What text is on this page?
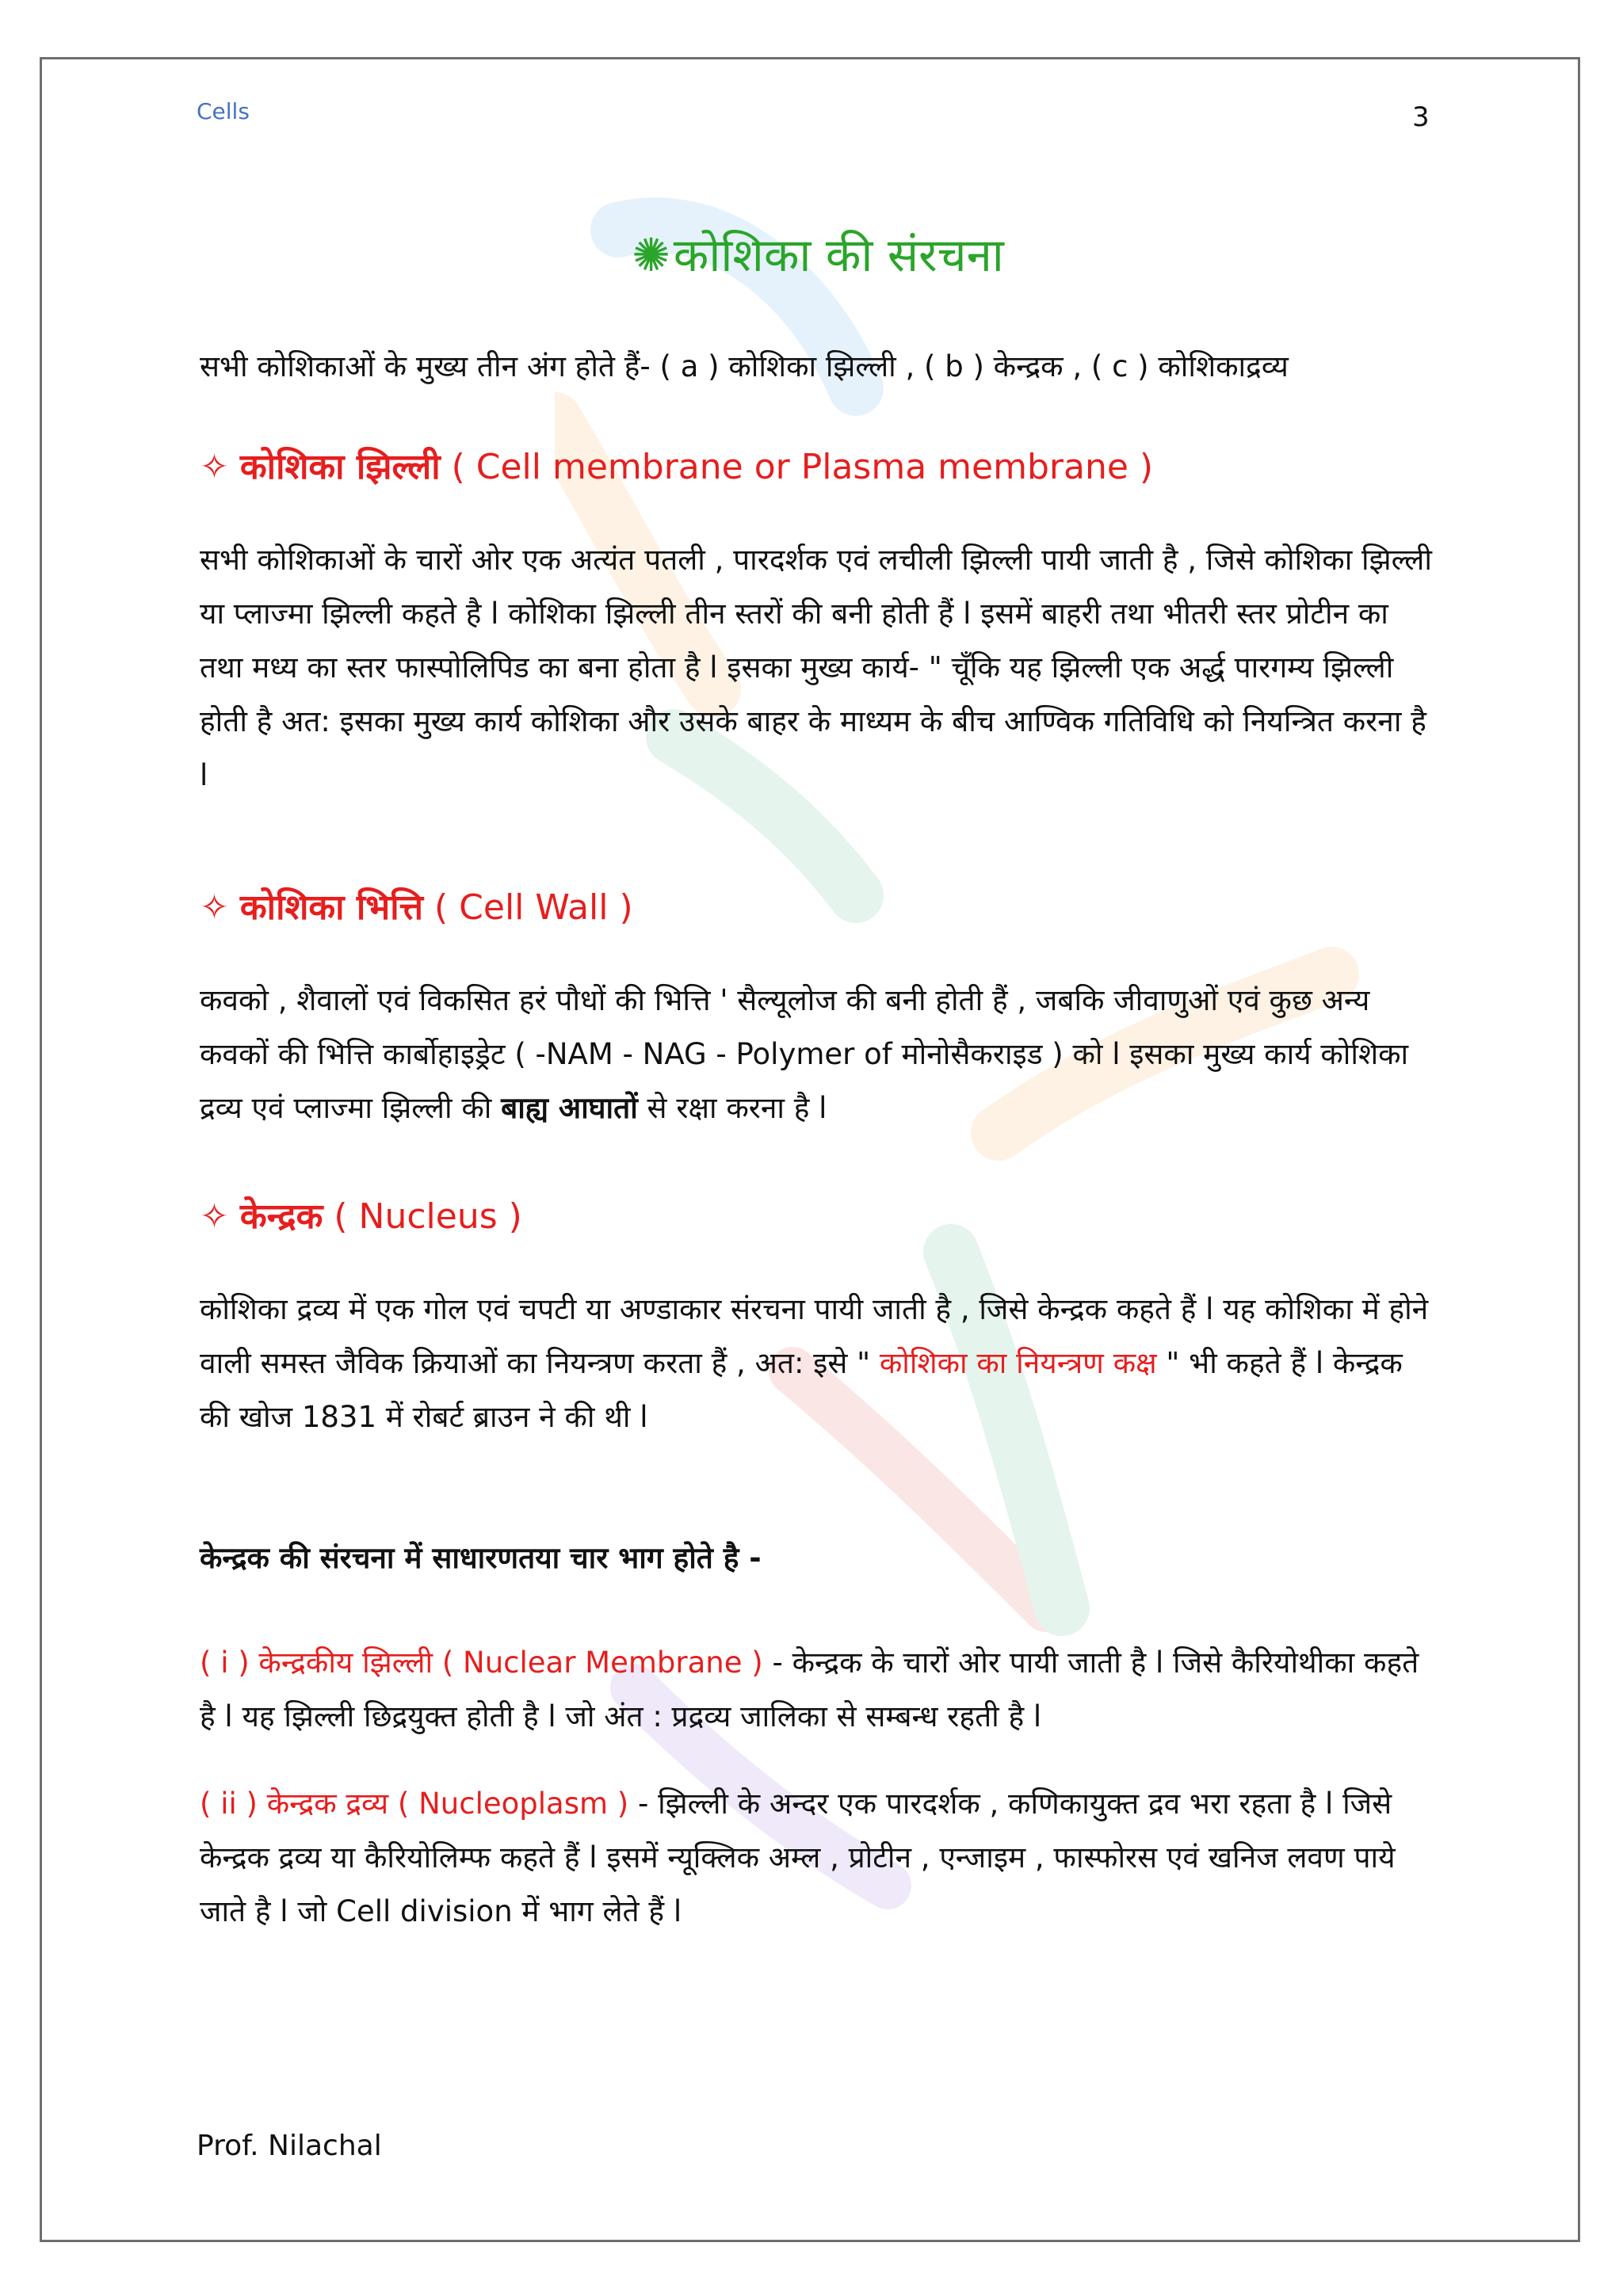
Cells	3
✺कोशिका की संरचना

सभी कोशिकाओं के मुख्य तीन अंग होते हैं- ( a ) कोशिका झिल्ली , ( b ) केन्द्रक , ( c ) कोशिकाद्रव्य

✧ कोशिका झिल्ली ( Cell membrane or Plasma membrane )

सभी कोशिकाओं के चारों ओर एक अत्यंत पतली , पारदर्शक एवं लचीली झिल्ली पायी जाती है , जिसे कोशिका झिल्ली या प्लाज्मा झिल्ली कहते है l कोशिका झिल्ली तीन स्तरों की बनी होती हैं l इसमें बाहरी तथा भीतरी स्तर प्रोटीन का तथा मध्य का स्तर फास्पोलिपिड का बना होता है l इसका मुख्य कार्य- " चूँकि यह झिल्ली एक अर्द्ध पारगम्य झिल्ली होती है अत: इसका मुख्य कार्य कोशिका और उसके बाहर के माध्यम के बीच आण्विक गतिविधि को नियन्त्रित करना है l

✧ कोशिका भित्ति ( Cell Wall )

कवको , शैवालों एवं विकसित हरं पौधों की भित्ति ' सैल्यूलोज की बनी होती हैं , जबकि जीवाणुओं एवं कुछ अन्य कवकों की भित्ति कार्बोहाइड्रेट ( -NAM - NAG - Polymer of मोनोसैकराइड ) को l इसका मुख्य कार्य कोशिका द्रव्य एवं प्लाज्मा झिल्ली की बाह्य आघातों से रक्षा करना है l

✧ केन्द्रक ( Nucleus )

कोशिका द्रव्य में एक गोल एवं चपटी या अण्डाकार संरचना पायी जाती है , जिसे केन्द्रक कहते हैं l यह कोशिका में होने वाली समस्त जैविक क्रियाओं का नियन्त्रण करता हैं , अत: इसे " कोशिका का नियन्त्रण कक्ष " भी कहते हैं l केन्द्रक की खोज 1831 में रोबर्ट ब्राउन ने की थी l

केन्द्रक की संरचना में साधारणतया चार भाग होते है -

( i ) केन्द्रकीय झिल्ली ( Nuclear Membrane ) - केन्द्रक के चारों ओर पायी जाती है l जिसे कैरियोथीका कहते है l यह झिल्ली छिद्रयुक्त होती है l जो अंत : प्रद्रव्य जालिका से सम्बन्ध रहती है l

( ii ) केन्द्रक द्रव्य ( Nucleoplasm ) - झिल्ली के अन्दर एक पारदर्शक , कणिकायुक्त द्रव भरा रहता है l जिसे केन्द्रक द्रव्य या कैरियोलिम्फ कहते हैं l इसमें न्यूक्लिक अम्ल , प्रोटीन , एन्जाइम , फास्फोरस एवं खनिज लवण पाये जाते है l जो Cell division में भाग लेते हैं l

Prof. Nilachal
